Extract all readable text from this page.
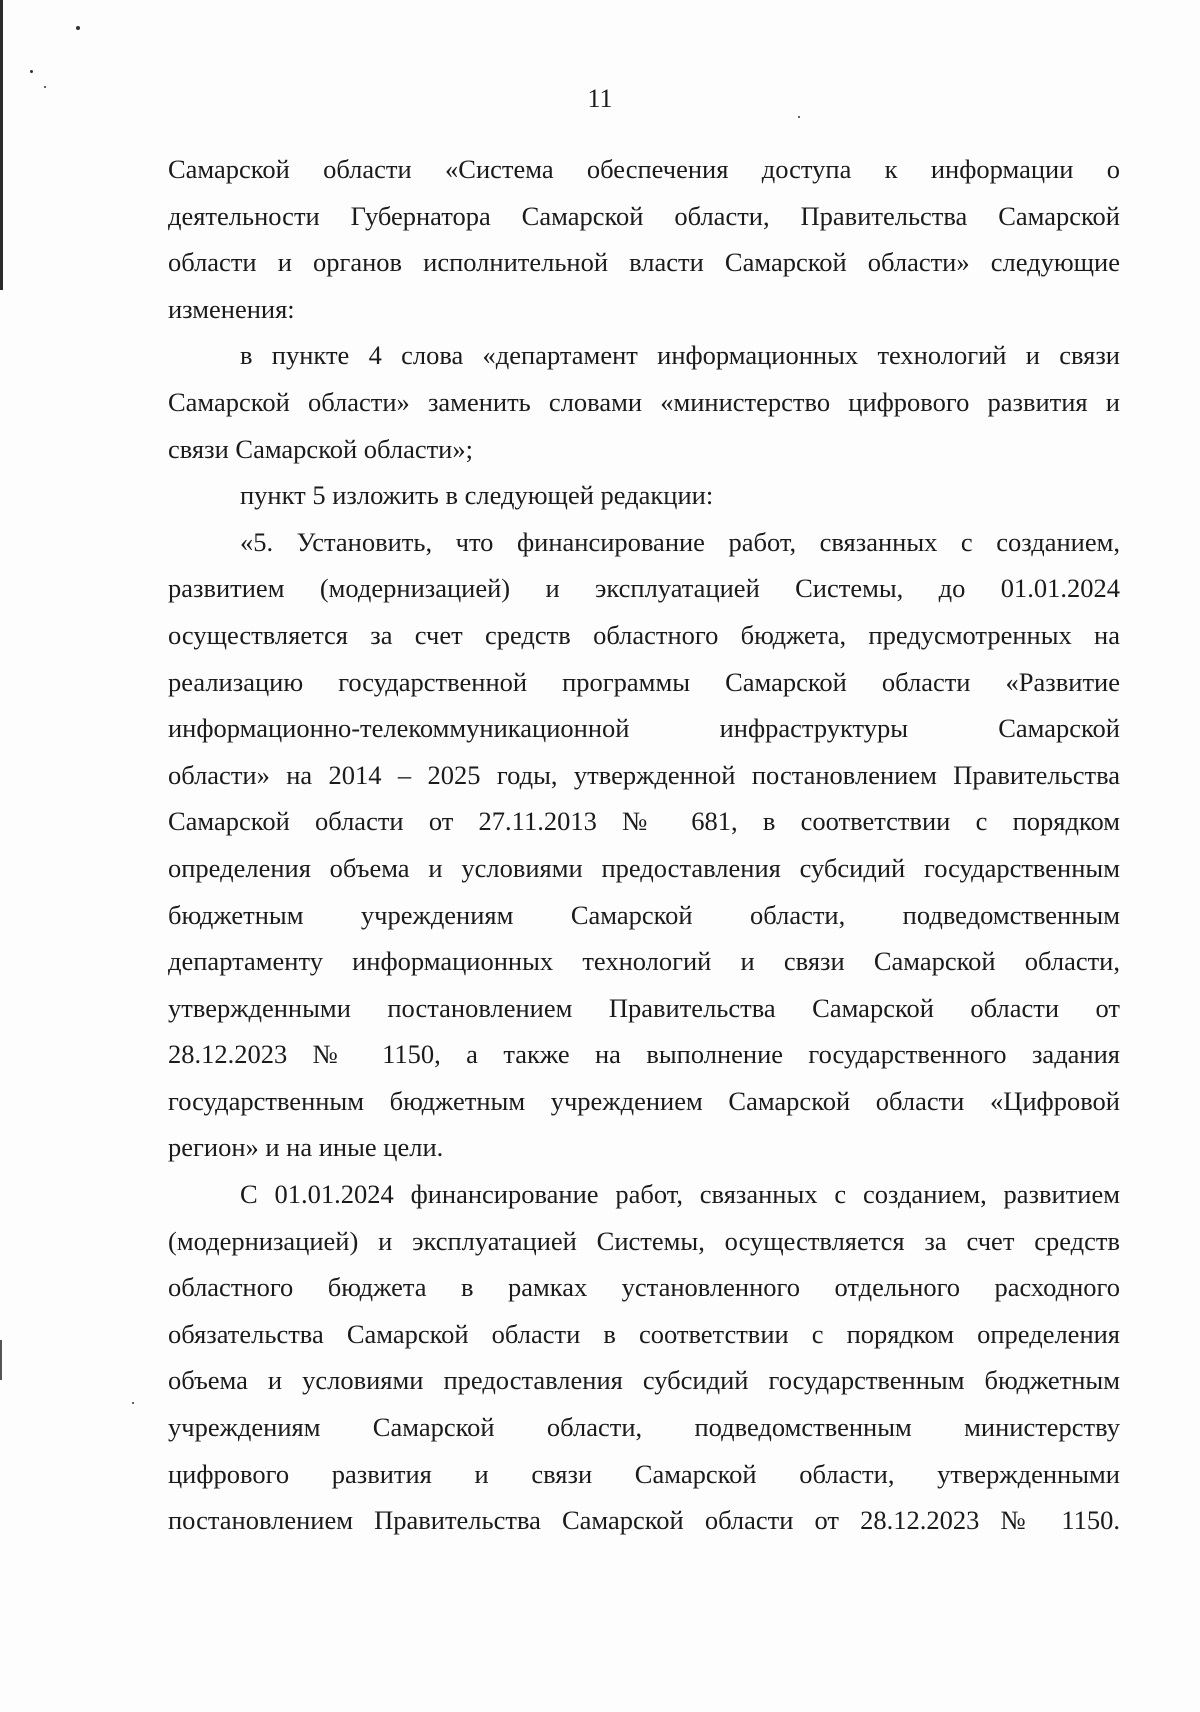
11
Самарской области «Система обеспечения доступа к информации о
деятельности Губернатора Самарской области, Правительства Самарской
области и органов исполнительной власти Самарской области» следующие
изменения:
в пункте 4 слова «департамент информационных технологий и связи
Самарской области» заменить словами «министерство цифрового развития и
связи Самарской области»;
пункт 5 изложить в следующей редакции:
«5. Установить, что финансирование работ, связанных с созданием,
развитием (модернизацией) и эксплуатацией Системы, до 01.01.2024
осуществляется за счет средств областного бюджета, предусмотренных на
реализацию государственной программы Самарской области «Развитие
информационно-телекоммуникационной инфраструктуры Самарской
области» на 2014 – 2025 годы, утвержденной постановлением Правительства
Самарской области от 27.11.2013 № 681, в соответствии с порядком
определения объема и условиями предоставления субсидий государственным
бюджетным учреждениям Самарской области, подведомственным
департаменту информационных технологий и связи Самарской области,
утвержденными постановлением Правительства Самарской области от
28.12.2023 № 1150, а также на выполнение государственного задания
государственным бюджетным учреждением Самарской области «Цифровой
регион» и на иные цели.
С 01.01.2024 финансирование работ, связанных с созданием, развитием
(модернизацией) и эксплуатацией Системы, осуществляется за счет средств
областного бюджета в рамках установленного отдельного расходного
обязательства Самарской области в соответствии с порядком определения
объема и условиями предоставления субсидий государственным бюджетным
учреждениям Самарской области, подведомственным министерству
цифрового развития и связи Самарской области, утвержденными
постановлением Правительства Самарской области от 28.12.2023 № 1150.
